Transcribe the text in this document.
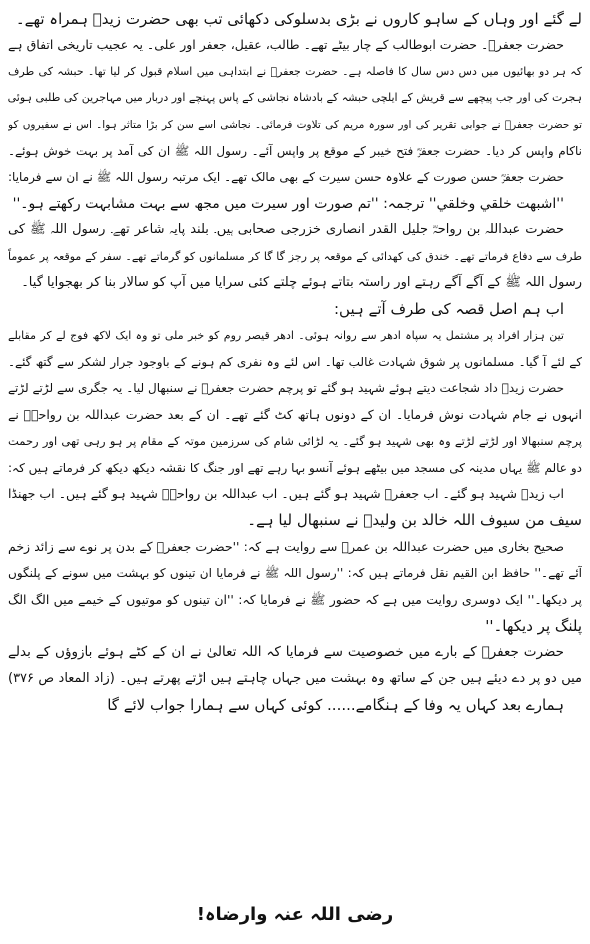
لے گئے اور وہاں کے ساہو کاروں نے بڑی بدسلوکی دکھائی تب بھی حضرت زیدؓ ہمراہ تھے۔
حضرت جعفرؓ۔ حضرت ابوطالب کے چار بیٹے تھے۔ طالب، عقیل، جعفر اور علی۔ یہ عجیب تاریخی اتفاق ہے
کہ ہر دو بھائیوں میں دس دس سال کا فاصلہ ہے۔ حضرت جعفرؓ نے ابتداہی میں اسلام قبول کر لیا تھا۔ حبشہ کی طرف
ہجرت کی اور جب پیچھے سے قریش کے ایلچی حبشہ کے بادشاہ نجاشی کے پاس پہنچے اور دربار میں مہاجرین کی طلبی ہوئی
تو حضرت جعفرؓ نے جوابی تقریر کی اور سورہ مریم کی تلاوت فرمائی۔ نجاشی اسے سن کر بڑا متاثر ہوا۔ اس نے سفیروں کو
ناکام واپس کر دیا۔ حضرت جعفرؓ فتح خیبر کے موقع پر واپس آئے۔ رسول اللہ ﷺ ان کی آمد پر بہت خوش ہوئے۔
حضرت جعفرؓ حسن صورت کے علاوہ حسن سیرت کے بھی مالک تھے۔ ایک مرتبہ رسول اللہ ﷺ نے ان سے فرمایا:
''اشبهت خلقي وخلقي'' ترجمہ: ''تم صورت اور سیرت میں مجھ سے بہت مشابہت رکھتے ہو۔''
حضرت عبداللہ بن رواحہؓ جلیل القدر انصاری خزرجی صحابی ہیں۔ بلند پایہ شاعر تھے۔ رسول اللہ ﷺ کی
طرف سے دفاع فرماتے تھے۔ خندق کی کھدائی کے موقعہ پر رجز گا گا کر مسلمانوں کو گرماتے تھے۔ سفر کے موقعہ پر عموماً
رسول اللہ ﷺ کے آگے آگے رہتے اور راستہ بتاتے ہوئے چلتے کئی سرایا میں آپ کو سالار بنا کر بھجوایا گیا۔
اب ہم اصل قصہ کی طرف آتے ہیں:
تین ہزار افراد پر مشتمل یہ سپاہ ادھر سے روانہ ہوئی۔ ادھر قیصر روم کو خبر ملی تو وہ ایک لاکھ فوج لے کر مقابلے
کے لئے آ گیا۔ مسلمانوں پر شوق شہادت غالب تھا۔ اس لئے وہ نفری کم ہونے کے باوجود جرار لشکر سے گتھ گئے۔
حضرت زیدؓ داد شجاعت دیتے ہوئے شہید ہو گئے تو پرچم حضرت جعفرؓ نے سنبھال لیا۔ یہ جگری سے لڑتے لڑتے
انہوں نے جام شہادت نوش فرمایا۔ ان کے دونوں ہاتھ کٹ گئے تھے۔ ان کے بعد حضرت عبداللہ بن رواحہؓ نے
پرچم سنبھالا اور لڑتے لڑتے وہ بھی شہید ہو گئے۔ یہ لڑائی شام کی سرزمین موتہ کے مقام پر ہو رہی تھی اور رحمت
دو عالم ﷺ یہاں مدینہ کی مسجد میں بیٹھے ہوئے آنسو بہا رہے تھے اور جنگ کا نقشہ دیکھ دیکھ کر فرماتے ہیں کہ:
اب زیدؓ شہید ہو گئے۔ اب جعفرؓ شہید ہو گئے ہیں۔ اب عبداللہ بن رواحہؓ شہید ہو گئے ہیں۔ اب جھنڈا
سیف من سیوف اللہ خالد بن ولیدؓ نے سنبھال لیا ہے۔
صحیح بخاری میں حضرت عبداللہ بن عمرؓ سے روایت ہے کہ: ''حضرت جعفرؓ کے بدن پر نوے سے زائد زخم
آئے تھے۔'' حافظ ابن القیم نقل فرماتے ہیں کہ: ''رسول اللہ ﷺ نے فرمایا ان تینوں کو بہشت میں سونے کے پلنگوں
پر دیکھا۔'' ایک دوسری روایت میں ہے کہ حضور ﷺ نے فرمایا کہ: ''ان تینوں کو موتیوں کے خیمے میں الگ الگ
پلنگ پر دیکھا۔''
حضرت جعفرؓ کے بارے میں خصوصیت سے فرمایا کہ اللہ تعالیٰ نے ان کے کٹے ہوئے بازوؤں کے بدلے
میں دو پر دے دیئے ہیں جن کے ساتھ وہ بہشت میں جہاں چاہتے ہیں اڑتے پھرتے ہیں۔ (زاد المعاد ص ۳۷۶)
ہمارے بعد کہاں یہ وفا کے ہنگامے...... کوئی کہاں سے ہمارا جواب لائے گا
رضی اللہ عنہ وارضاہ!
